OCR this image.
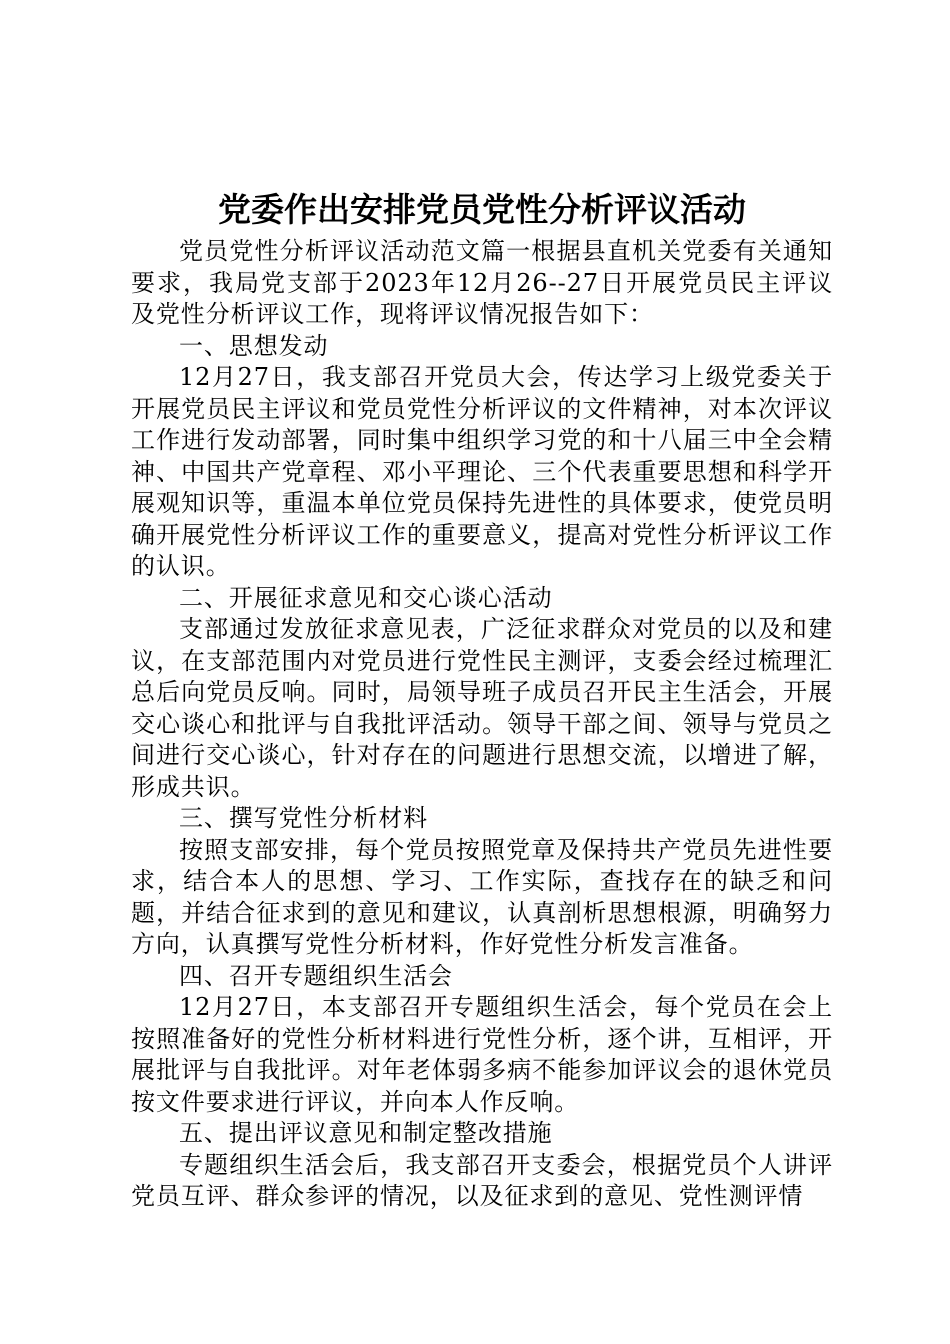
党委作出安排党员党性分析评议活动

党员党性分析评议活动范文篇一根据县直机关党委有关通知要求，我局党支部于2023年12月26--27日开展党员民主评议及党性分析评议工作，现将评议情况报告如下：

一、思想发动

12月27日，我支部召开党员大会，传达学习上级党委关于开展党员民主评议和党员党性分析评议的文件精神，对本次评议工作进行发动部署，同时集中组织学习党的和十八届三中全会精神、中国共产党章程、邓小平理论、三个代表重要思想和科学开展观知识等，重温本单位党员保持先进性的具体要求，使党员明确开展党性分析评议工作的重要意义，提高对党性分析评议工作的认识。

二、开展征求意见和交心谈心活动

支部通过发放征求意见表，广泛征求群众对党员的以及和建议，在支部范围内对党员进行党性民主测评，支委会经过梳理汇总后向党员反响。同时，局领导班子成员召开民主生活会，开展交心谈心和批评与自我批评活动。领导干部之间、领导与党员之间进行交心谈心，针对存在的问题进行思想交流，以增进了解，形成共识。

三、撰写党性分析材料

按照支部安排，每个党员按照党章及保持共产党员先进性要求，结合本人的思想、学习、工作实际，查找存在的缺乏和问题，并结合征求到的意见和建议，认真剖析思想根源，明确努力方向，认真撰写党性分析材料，作好党性分析发言准备。

四、召开专题组织生活会

12月27日，本支部召开专题组织生活会，每个党员在会上按照准备好的党性分析材料进行党性分析，逐个讲，互相评，开展批评与自我批评。对年老体弱多病不能参加评议会的退休党员按文件要求进行评议，并向本人作反响。

五、提出评议意见和制定整改措施

专题组织生活会后，我支部召开支委会，根据党员个人讲评党员互评、群众参评的情况，以及征求到的意见、党性测评情
